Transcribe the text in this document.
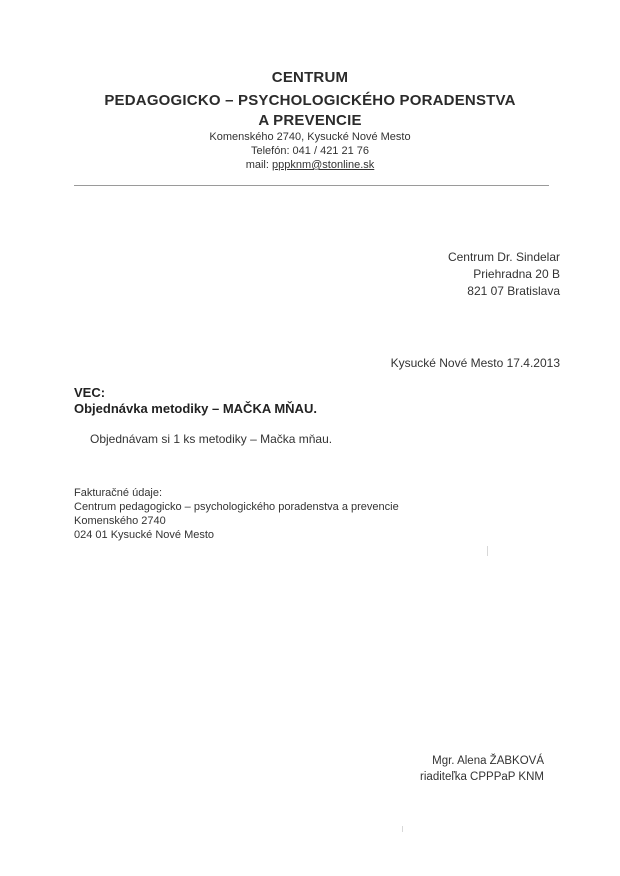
CENTRUM
PEDAGOGICKO – PSYCHOLOGICKÉHO PORADENSTVA
A PREVENCIE
Komenského 2740, Kysucké Nové Mesto
Telefón: 041 / 421 21 76
mail: pppknm@stonline.sk
Centrum Dr. Sindelar
Priehradna 20 B
821 07 Bratislava
Kysucké Nové Mesto 17.4.2013
VEC:
Objednávka metodiky – MAČKA MŇAU.
Objednávam si 1 ks metodiky – Mačka mňau.
Fakturačné údaje:
Centrum pedagogicko – psychologického poradenstva a prevencie
Komenského 2740
024 01 Kysucké Nové Mesto
Mgr. Alena ŽABKOVÁ
riaditeľka CPPPaP KNM
